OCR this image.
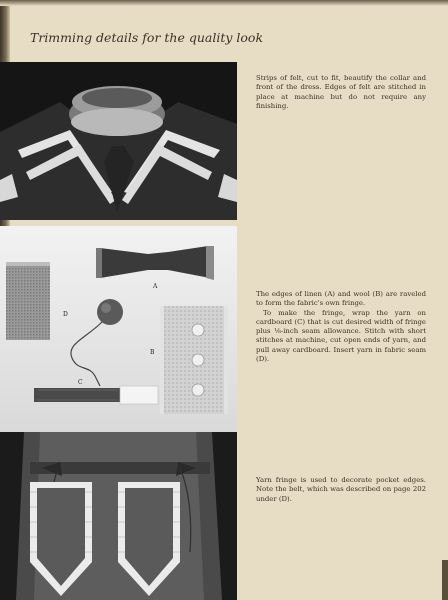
Trimming details for the quality look

Strips of felt, cut to fit, beautify the collar and front of the dress. Edges of felt are stitched in place at machine but do not require any finishing.

A
D
B
C

The edges of linen (A) and wool (B) are raveled to form the fabric's own fringe.

To make the fringe, wrap the yarn on cardboard (C) that is cut desired width of fringe plus ⅛-inch seam allowance. Stitch with short stitches at machine, cut open ends of yarn, and pull away cardboard. Insert yarn in fabric seam (D).

Yarn fringe is used to decorate pocket edges. Note the belt, which was described on page 202 under (D).
